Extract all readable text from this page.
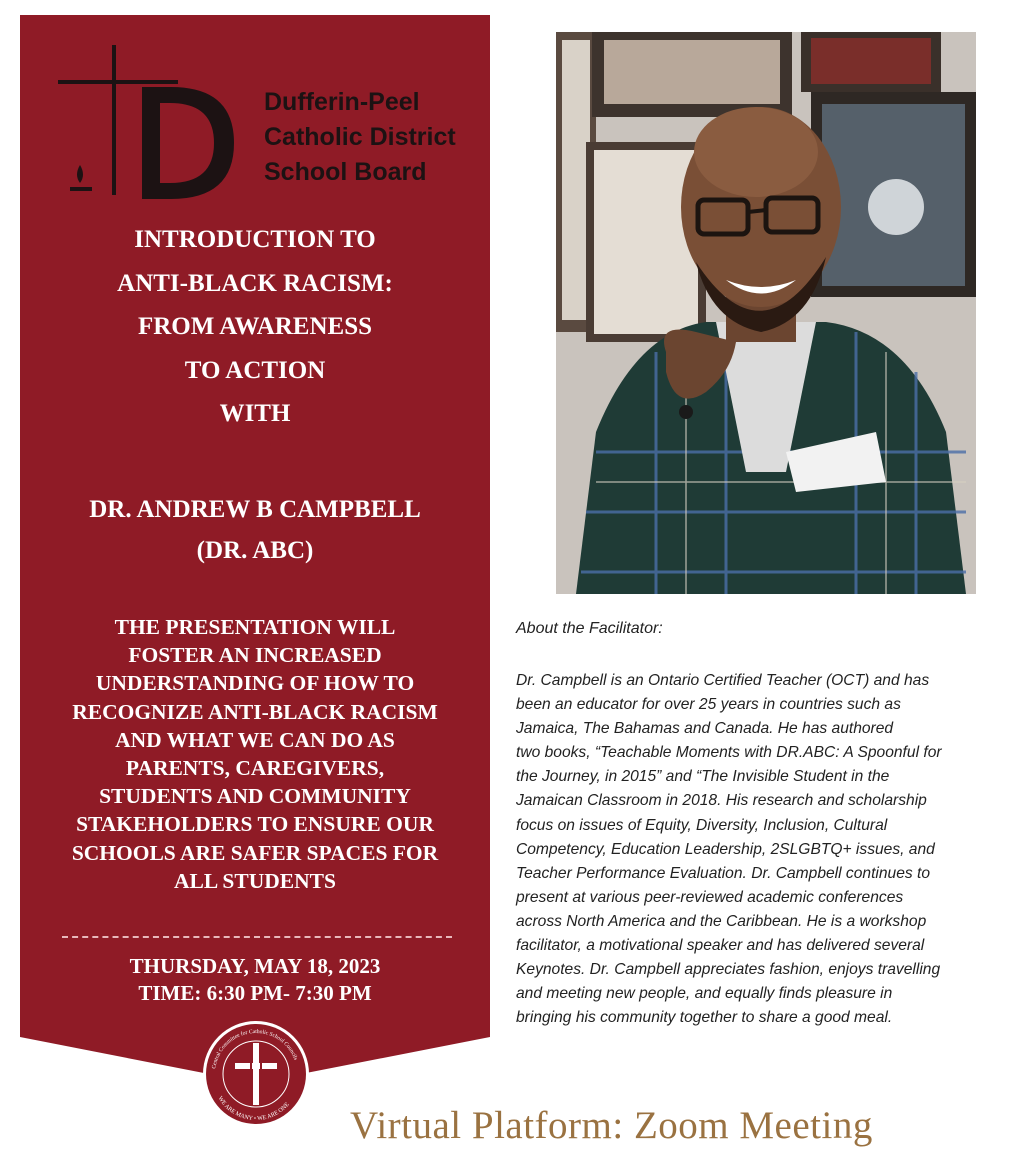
Dufferin-Peel
Catholic District
School Board
INTRODUCTION TO
ANTI-BLACK RACISM:
FROM AWARENESS
TO ACTION
WITH
DR. ANDREW B CAMPBELL
(DR. ABC)
THE PRESENTATION WILL
FOSTER AN INCREASED
UNDERSTANDING OF HOW TO
RECOGNIZE ANTI-BLACK RACISM
AND WHAT WE CAN DO AS
PARENTS, CAREGIVERS,
STUDENTS AND COMMUNITY
STAKEHOLDERS TO ENSURE OUR
SCHOOLS ARE SAFER SPACES FOR
ALL STUDENTS
THURSDAY, MAY 18, 2023
TIME: 6:30 PM- 7:30 PM
Central Committee for Catholic School Councils
WE ARE MANY • WE ARE ONE
About the Facilitator:
Dr. Campbell is an Ontario Certified Teacher (OCT) and has
been an educator for over 25 years in countries such as
Jamaica, The Bahamas and Canada. He has authored
two books, “Teachable Moments with DR.ABC: A Spoonful for
the Journey, in 2015” and “The Invisible Student in the
Jamaican Classroom in 2018. His research and scholarship
focus on issues of Equity, Diversity, Inclusion, Cultural
Competency, Education Leadership, 2SLGBTQ+ issues, and
Teacher Performance Evaluation. Dr. Campbell continues to
present at various peer-reviewed academic conferences
across North America and the Caribbean. He is a workshop
facilitator, a motivational speaker and has delivered several
Keynotes. Dr. Campbell appreciates fashion, enjoys travelling
and meeting new people, and equally finds pleasure in
bringing his community together to share a good meal.
Virtual Platform: Zoom Meeting
